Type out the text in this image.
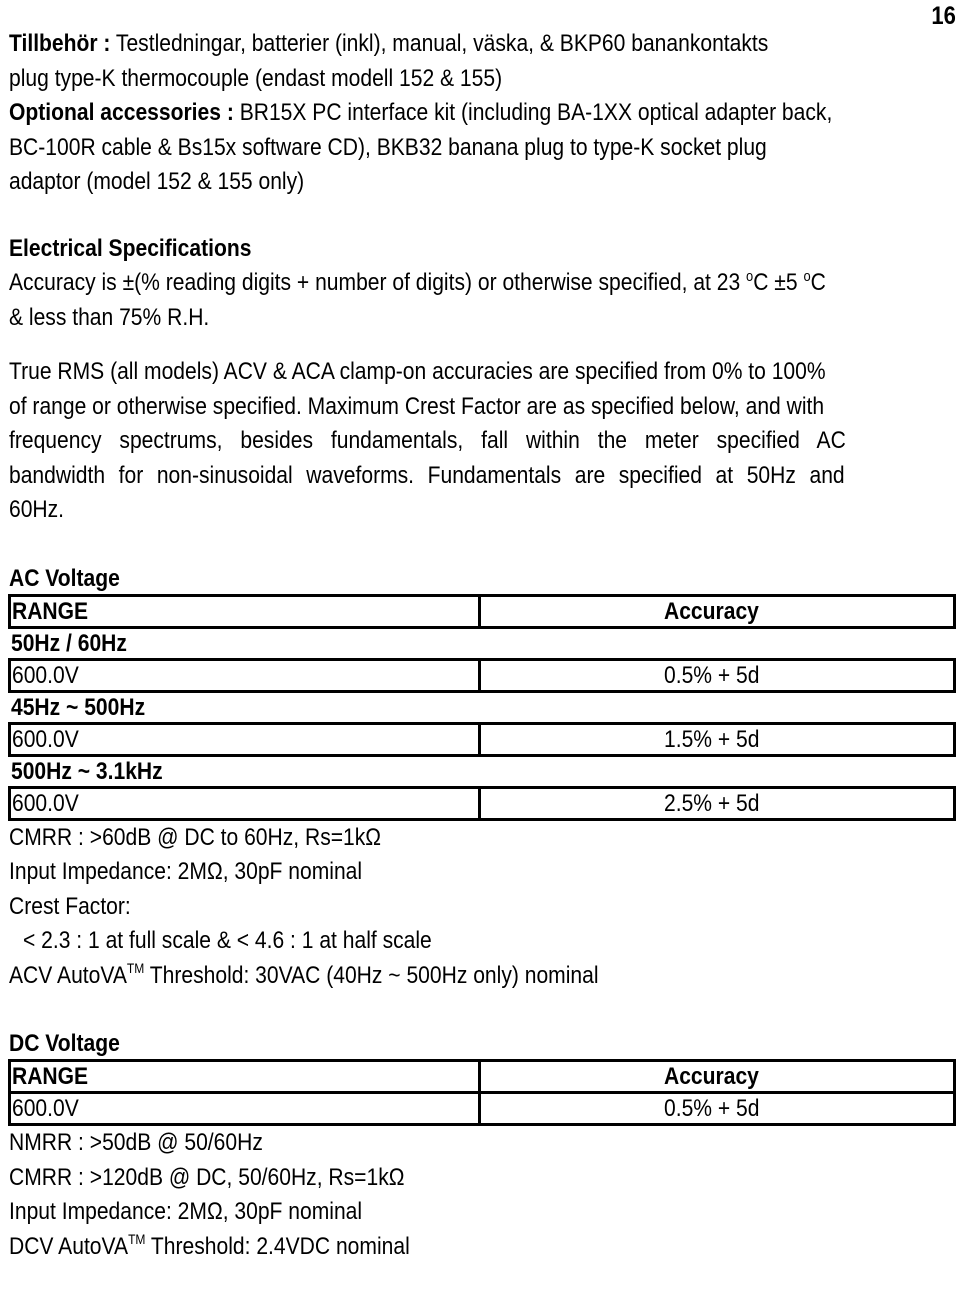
16
Tillbehör : Testledningar, batterier (inkl), manual, väska, & BKP60 banankontakts
plug type-K thermocouple (endast modell 152 & 155)
Optional accessories : BR15X PC interface kit (including BA-1XX optical adapter back,
BC-100R cable & Bs15x software CD), BKB32 banana plug to type-K socket plug
adaptor (model 152 & 155 only)
Electrical Specifications
Accuracy is ±(% reading digits + number of digits) or otherwise specified, at 23 $^o$C ±5 $^o$C
& less than 75% R.H.
True RMS (all models) ACV & ACA clamp-on accuracies are specified from 0% to 100%
of range or otherwise specified. Maximum Crest Factor are as specified below, and with
frequency spectrums, besides fundamentals, fall within the meter specified AC
bandwidth for non-sinusoidal waveforms. Fundamentals are specified at 50Hz and
60Hz.
AC Voltage
RANGE	Accuracy
50Hz / 60Hz	
600.0V	0.5% + 5d
45Hz ~ 500Hz	
600.0V	1.5% + 5d
500Hz ~ 3.1kHz	
600.0V	2.5% + 5d
CMRR : >60dB @ DC to 60Hz, Rs=1kΩ
Input Impedance: 2MΩ, 30pF nominal
Crest Factor:
< 2.3 : 1 at full scale & < 4.6 : 1 at half scale
ACV AutoVA™ Threshold: 30VAC (40Hz ~ 500Hz only) nominal
DC Voltage
RANGE	Accuracy
600.0V	0.5% + 5d
NMRR : >50dB @ 50/60Hz
CMRR : >120dB @ DC, 50/60Hz, Rs=1kΩ
Input Impedance: 2MΩ, 30pF nominal
DCV AutoVA™ Threshold: 2.4VDC nominal
